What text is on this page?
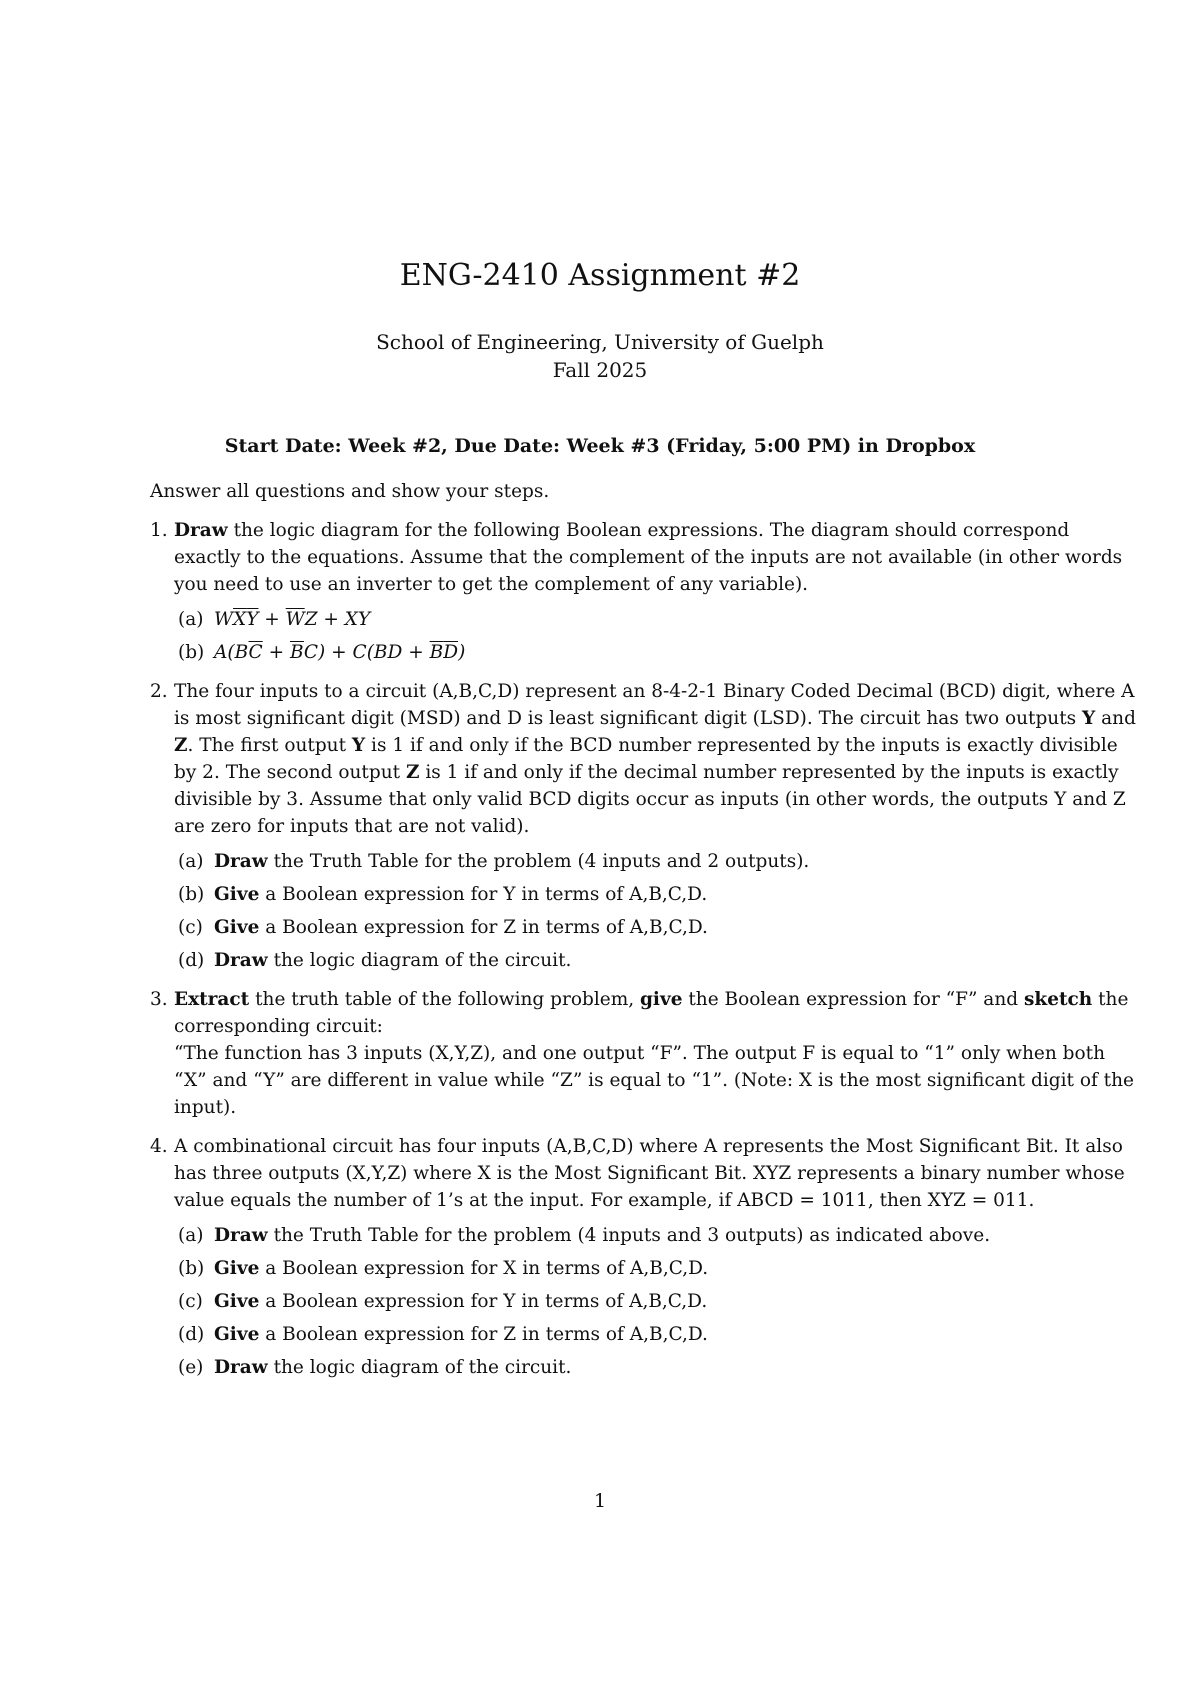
ENG-2410 Assignment #2
School of Engineering, University of Guelph
Fall 2025
Start Date: Week #2, Due Date: Week #3 (Friday, 5:00 PM) in Dropbox

Answer all questions and show your steps.

1. Draw the logic diagram for the following Boolean expressions. The diagram should correspond exactly to the equations. Assume that the complement of the inputs are not available (in other words you need to use an inverter to get the complement of any variable).

(a) $W\overline{X}\overline{Y} + \overline{W}Z$ + XY
(b) $A(B\overline{C} + \overline{B}C) + C(BD + \overline{B}\overline{D})$
2. The four inputs to a circuit (A,B,C,D) represent an 8-4-2-1 Binary Coded Decimal (BCD) digit, where A is most significant digit (MSD) and D is least significant digit (LSD). The circuit has two outputs Y and Z. The first output Y is 1 if and only if the BCD number represented by the inputs is exactly divisible by 2. The second output Z is 1 if and only if the decimal number represented by the inputs is exactly divisible by 3. Assume that only valid BCD digits occur as inputs (in other words, the outputs Y and Z are zero for inputs that are not valid).

(a) Draw the Truth Table for the problem (4 inputs and 2 outputs).
(b) Give a Boolean expression for Y in terms of A,B,C,D.
(c) Give a Boolean expression for Z in terms of A,B,C,D.
(d) Draw the logic diagram of the circuit.
3. Extract the truth table of the following problem, give the Boolean expression for “F” and sketch the corresponding circuit:
“The function has 3 inputs (X,Y,Z), and one output “F”. The output F is equal to “1” only when both “X” and “Y” are different in value while “Z” is equal to “1”. (Note: X is the most significant digit of the input).

4. A combinational circuit has four inputs (A,B,C,D) where A represents the Most Significant Bit. It also has three outputs (X,Y,Z) where X is the Most Significant Bit. XYZ represents a binary number whose value equals the number of 1’s at the input. For example, if ABCD = 1011, then XYZ = 011.

(a) Draw the Truth Table for the problem (4 inputs and 3 outputs) as indicated above.
(b) Give a Boolean expression for X in terms of A,B,C,D.
(c) Give a Boolean expression for Y in terms of A,B,C,D.
(d) Give a Boolean expression for Z in terms of A,B,C,D.
(e) Draw the logic diagram of the circuit.
1
